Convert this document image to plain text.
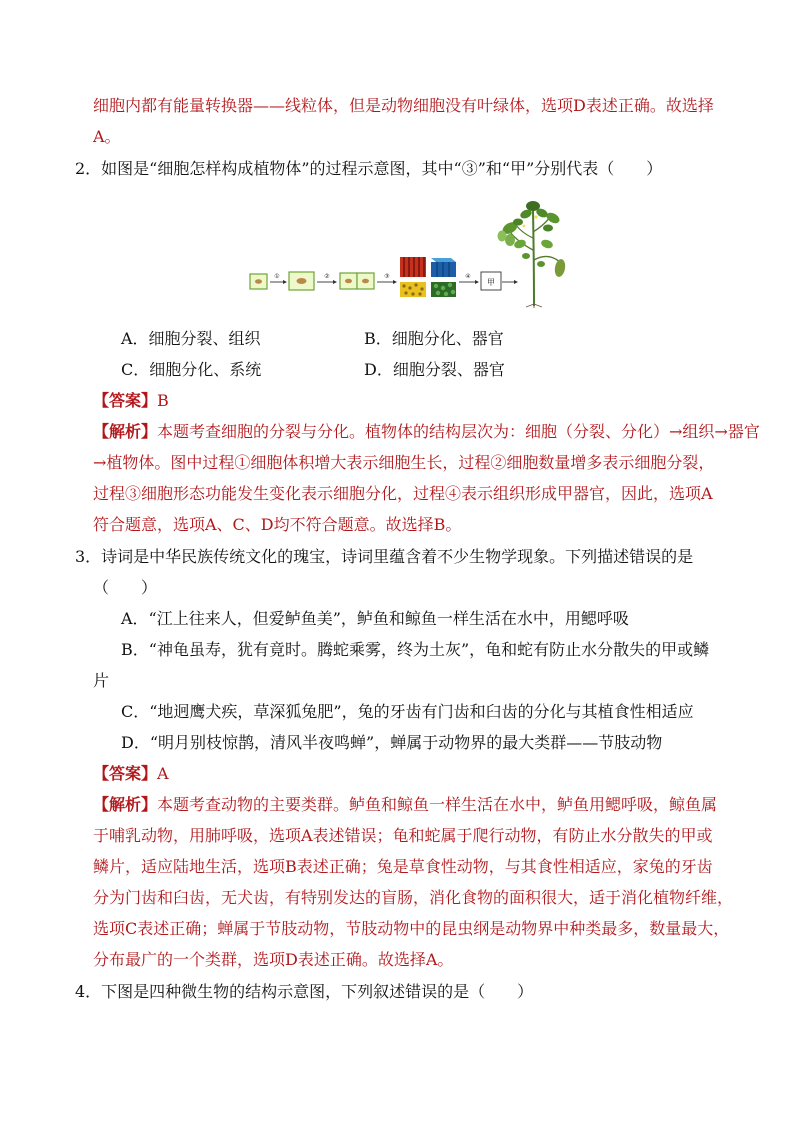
细胞内都有能量转换器——线粒体，但是动物细胞没有叶绿体，选项D表述正确。故选择
A。
2．如图是“细胞怎样构成植物体”的过程示意图，其中“③”和“甲”分别代表（　　）
①	②	③	④
甲
A．细胞分裂、组织	B．细胞分化、器官
C．细胞分化、系统	D．细胞分裂、器官
【答案】B
【解析】本题考查细胞的分裂与分化。植物体的结构层次为：细胞（分裂、分化）→组织→器官
→植物体。图中过程①细胞体积增大表示细胞生长，过程②细胞数量增多表示细胞分裂，
过程③细胞形态功能发生变化表示细胞分化，过程④表示组织形成甲器官，因此，选项A
符合题意，选项A、C、D均不符合题意。故选择B。
3．诗词是中华民族传统文化的瑰宝，诗词里蕴含着不少生物学现象。下列描述错误的是
（　　）
A．“江上往来人，但爱鲈鱼美”，鲈鱼和鲸鱼一样生活在水中，用鳃呼吸
B．“神龟虽寿，犹有竟时。腾蛇乘雾，终为土灰”，龟和蛇有防止水分散失的甲或鳞
片
C．“地迥鹰犬疾，草深狐兔肥”，兔的牙齿有门齿和臼齿的分化与其植食性相适应
D．“明月别枝惊鹊，清风半夜鸣蝉”，蝉属于动物界的最大类群——节肢动物
【答案】A
【解析】本题考查动物的主要类群。鲈鱼和鲸鱼一样生活在水中，鲈鱼用鳃呼吸，鲸鱼属
于哺乳动物，用肺呼吸，选项A表述错误；龟和蛇属于爬行动物，有防止水分散失的甲或
鳞片，适应陆地生活，选项B表述正确；兔是草食性动物，与其食性相适应，家兔的牙齿
分为门齿和臼齿，无犬齿，有特别发达的盲肠，消化食物的面积很大，适于消化植物纤维，
选项C表述正确；蝉属于节肢动物，节肢动物中的昆虫纲是动物界中种类最多，数量最大，
分布最广的一个类群，选项D表述正确。故选择A。
4．下图是四种微生物的结构示意图，下列叙述错误的是（　　）
